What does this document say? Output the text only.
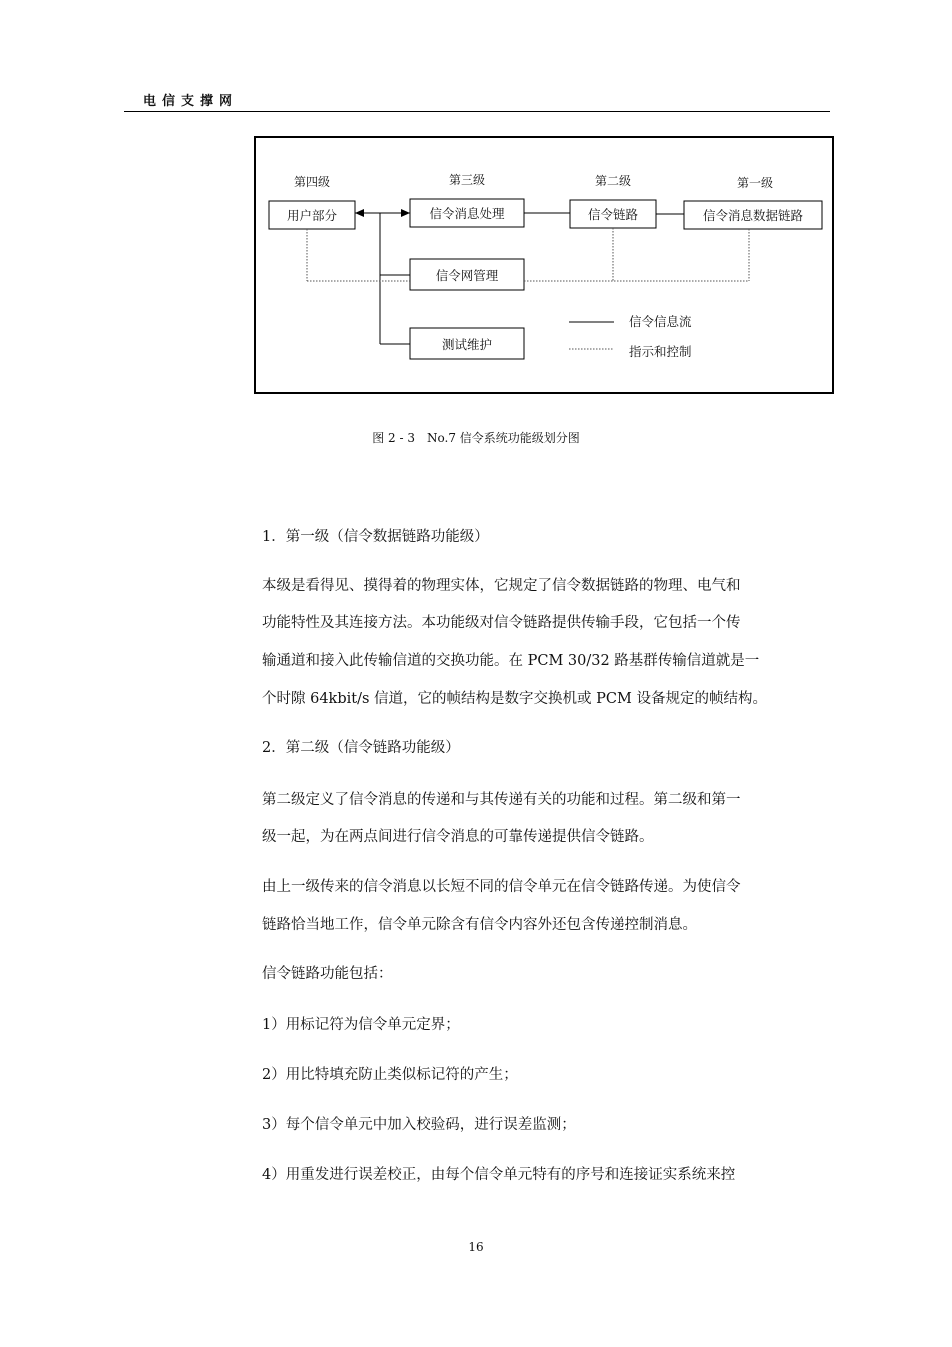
电信支撑网
第四级	第三级	第二级	第一级
用户部分	信令消息处理	信令链路	信令消息数据链路
信令网管理
测试维护
信令信息流
指示和控制
图 2 - 3　No.7 信令系统功能级划分图
1．第一级（信令数据链路功能级）
本级是看得见、摸得着的物理实体，它规定了信令数据链路的物理、电气和
功能特性及其连接方法。本功能级对信令链路提供传输手段，它包括一个传
输通道和接入此传输信道的交换功能。在 PCM 30/32 路基群传输信道就是一
个时隙 64kbit/s 信道，它的帧结构是数字交换机或 PCM 设备规定的帧结构。
2．第二级（信令链路功能级）
第二级定义了信令消息的传递和与其传递有关的功能和过程。第二级和第一
级一起，为在两点间进行信令消息的可靠传递提供信令链路。
由上一级传来的信令消息以长短不同的信令单元在信令链路传递。为使信令
链路恰当地工作，信令单元除含有信令内容外还包含传递控制消息。
信令链路功能包括：
1）用标记符为信令单元定界；
2）用比特填充防止类似标记符的产生；
3）每个信令单元中加入校验码，进行误差监测；
4）用重发进行误差校正，由每个信令单元特有的序号和连接证实系统来控
16
